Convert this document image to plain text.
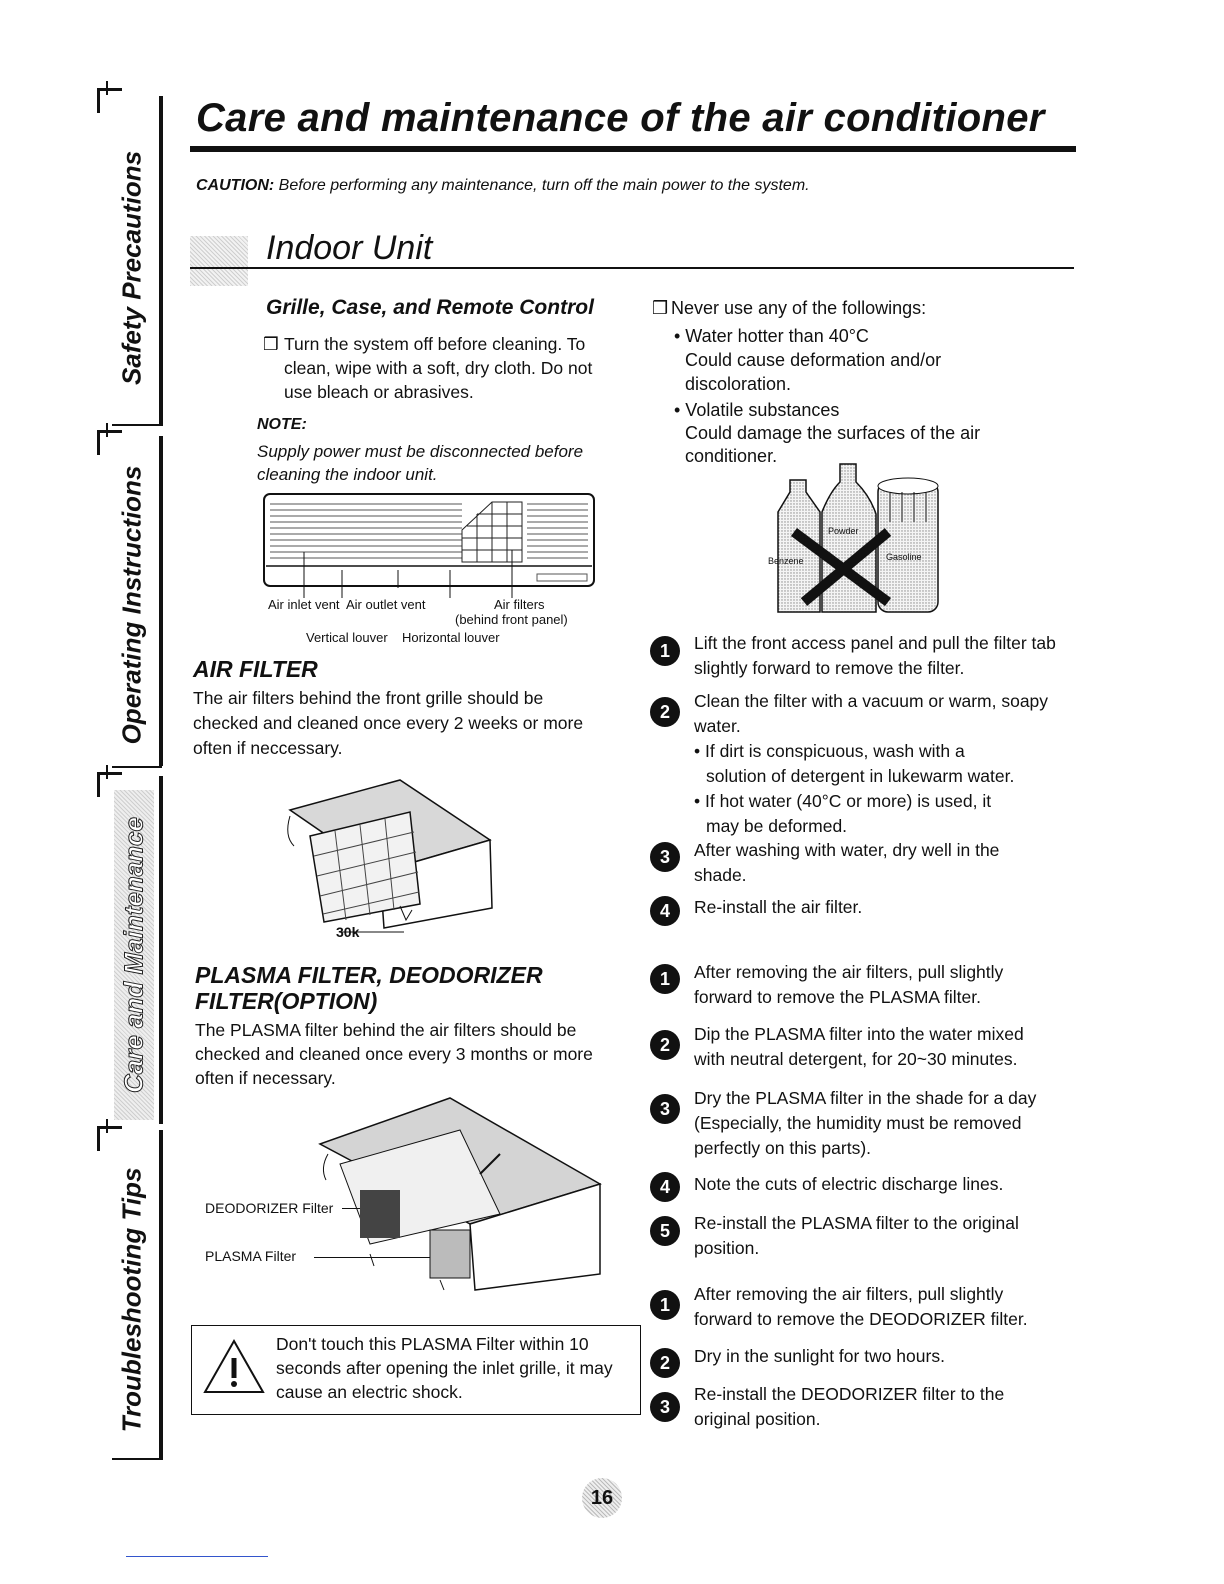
Safety Precautions
Operating Instructions
Care and Maintenance
Troubleshooting Tips
Care and maintenance of the air conditioner
CAUTION: Before performing any maintenance, turn off the main power to the system.
Indoor Unit
Grille, Case, and Remote Control
❒ Turn the system off before cleaning. To
clean, wipe with a soft, dry cloth. Do not
use bleach or abrasives.
NOTE:
Supply power must be disconnected before
cleaning the indoor unit.
Air inlet vent Air outlet vent	Air filters
(behind front panel)
Vertical louver Horizontal louver
AIR FILTER
The air filters behind the front grille should be
checked and cleaned once every 2 weeks or more
often if neccessary.
30k
PLASMA FILTER, DEODORIZER
FILTER(OPTION)
The PLASMA filter behind the air filters should be
checked and cleaned once every 3 months or more
often if necessary.
DEODORIZER Filter
PLASMA Filter
Don't touch this PLASMA Filter within 10
seconds after opening the inlet grille, it may
cause an electric shock.
❒ Never use any of the followings:
• Water hotter than 40°C
Could cause deformation and/or
discoloration.
• Volatile substances
Could damage the surfaces of the air
conditioner.
Benzene
Powder
Gasoline
1	Lift the front access panel and pull the filter tab
slightly forward to remove the filter.
2
Clean the filter with a vacuum or warm, soapy
water.
• If dirt is conspicuous, wash with a
solution of detergent in lukewarm water.
• If hot water (40°C or more) is used, it
may be deformed.
3	After washing with water, dry well in the
shade.
4	Re-install the air filter.
1	After removing the air filters, pull slightly
forward to remove the PLASMA filter.
2
Dip the PLASMA filter into the water mixed
with neutral detergent, for 20~30 minutes.
3
Dry the PLASMA filter in the shade for a day
(Especially, the humidity must be removed
perfectly on this parts).
4	Note the cuts of electric discharge lines.
5	Re-install the PLASMA filter to the original
position.
1
After removing the air filters, pull slightly
forward to remove the DEODORIZER filter.
2	Dry in the sunlight for two hours.
3
Re-install the DEODORIZER filter to the
original position.
16
